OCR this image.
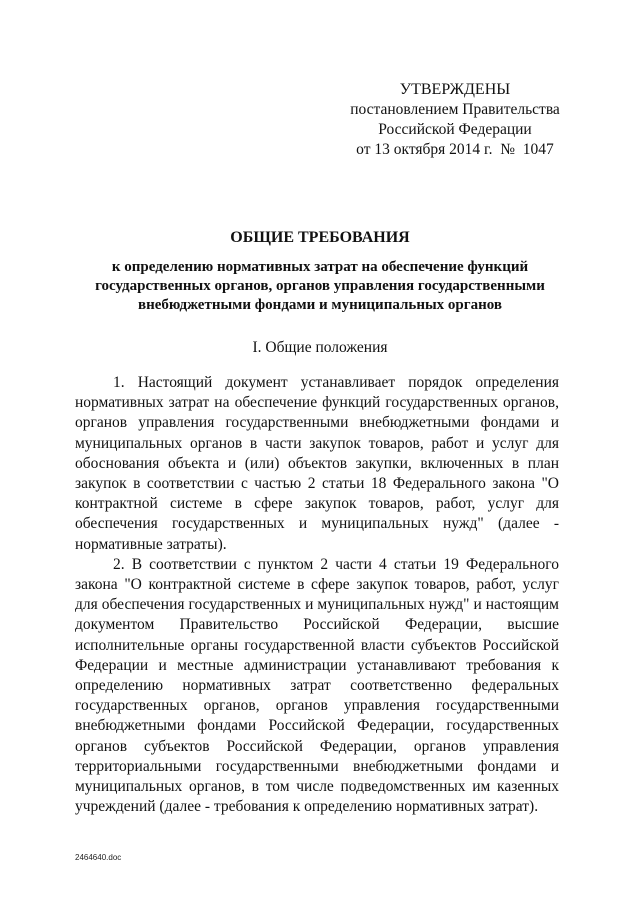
УТВЕРЖДЕНЫ
постановлением Правительства
Российской Федерации
от 13 октября 2014 г.  №  1047
ОБЩИЕ ТРЕБОВАНИЯ
к определению нормативных затрат на обеспечение функций государственных органов, органов управления государственными внебюджетными фондами и муниципальных органов
I. Общие положения

1. Настоящий документ устанавливает порядок определения нормативных затрат на обеспечение функций государственных органов, органов управления государственными внебюджетными фондами и муниципальных органов в части закупок товаров, работ и услуг для обоснования объекта и (или) объектов закупки, включенных в план закупок в соответствии с частью 2 статьи 18 Федерального закона "О контрактной системе в сфере закупок товаров, работ, услуг для обеспечения государственных и муниципальных нужд" (далее - нормативные затраты).

2. В соответствии с пунктом 2 части 4 статьи 19 Федерального закона "О контрактной системе в сфере закупок товаров, работ, услуг для обеспечения государственных и муниципальных нужд" и настоящим документом Правительство Российской Федерации, высшие исполнительные органы государственной власти субъектов Российской Федерации и местные администрации устанавливают требования к определению нормативных затрат соответственно федеральных государственных органов, органов управления государственными внебюджетными фондами Российской Федерации, государственных органов субъектов Российской Федерации, органов управления территориальными государственными внебюджетными фондами и муниципальных органов, в том числе подведомственных им казенных учреждений (далее - требования к определению нормативных затрат).

2464640.doc
